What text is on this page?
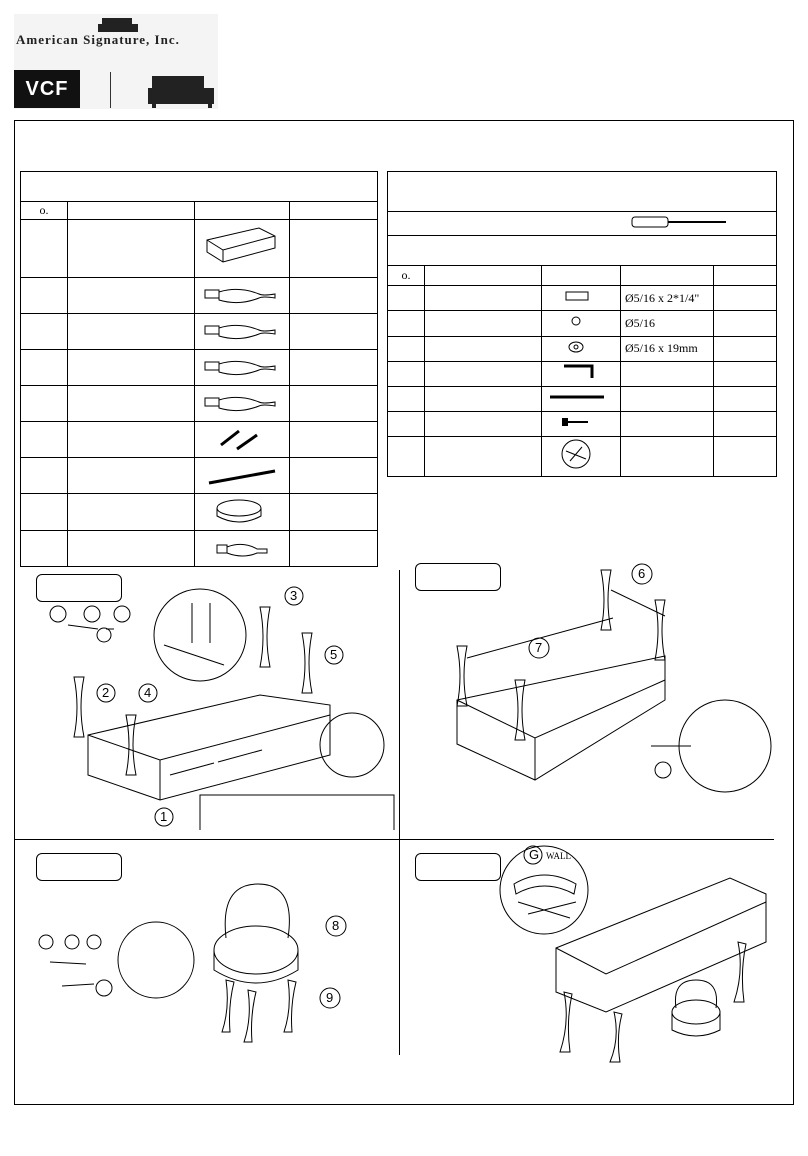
American Signature, Inc.
VCF

o.			

o.				
			Ø5/16 x 2*1/4"	
			Ø5/16	
			Ø5/16 x 19mm	

3
5
2	4
1
6
7
8
9
G WALL
